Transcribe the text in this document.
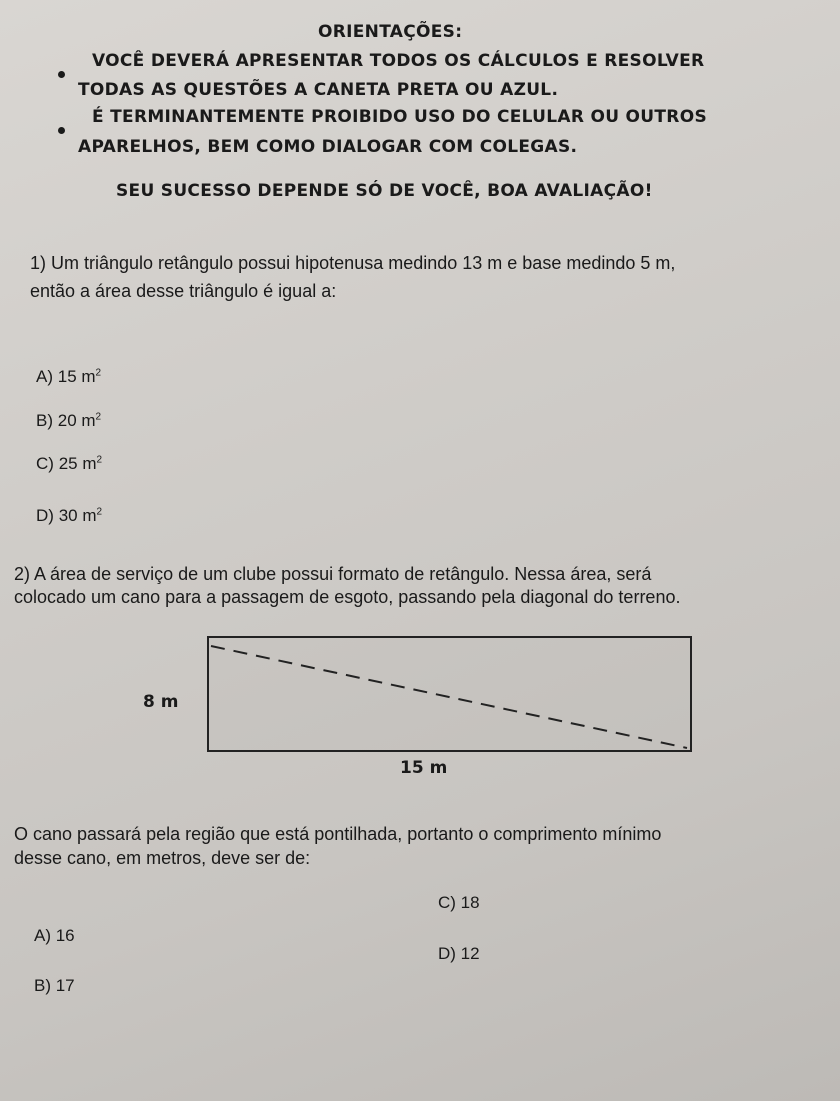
ORIENTAÇÕES:
VOCÊ DEVERÁ APRESENTAR TODOS OS CÁLCULOS E RESOLVER
TODAS AS QUESTÕES A CANETA PRETA OU AZUL.
É TERMINANTEMENTE PROIBIDO USO DO CELULAR OU OUTROS
APARELHOS, BEM COMO DIALOGAR COM COLEGAS.
SEU SUCESSO DEPENDE SÓ DE VOCÊ, BOA AVALIAÇÃO!
1) Um triângulo retângulo possui hipotenusa medindo 13 m e base medindo 5 m,
então a área desse triângulo é igual a:
A) 15 $m^2$
B) 20 $m^2$
C) 25 $m^2$
D) 30 $m^2$
2) A área de serviço de um clube possui formato de retângulo. Nessa área, será
colocado um cano para a passagem de esgoto, passando pela diagonal do terreno.
8 m
15 m
O cano passará pela região que está pontilhada, portanto o comprimento mínimo
desse cano, em metros, deve ser de:
C) 18
A) 16
D) 12
B) 17
